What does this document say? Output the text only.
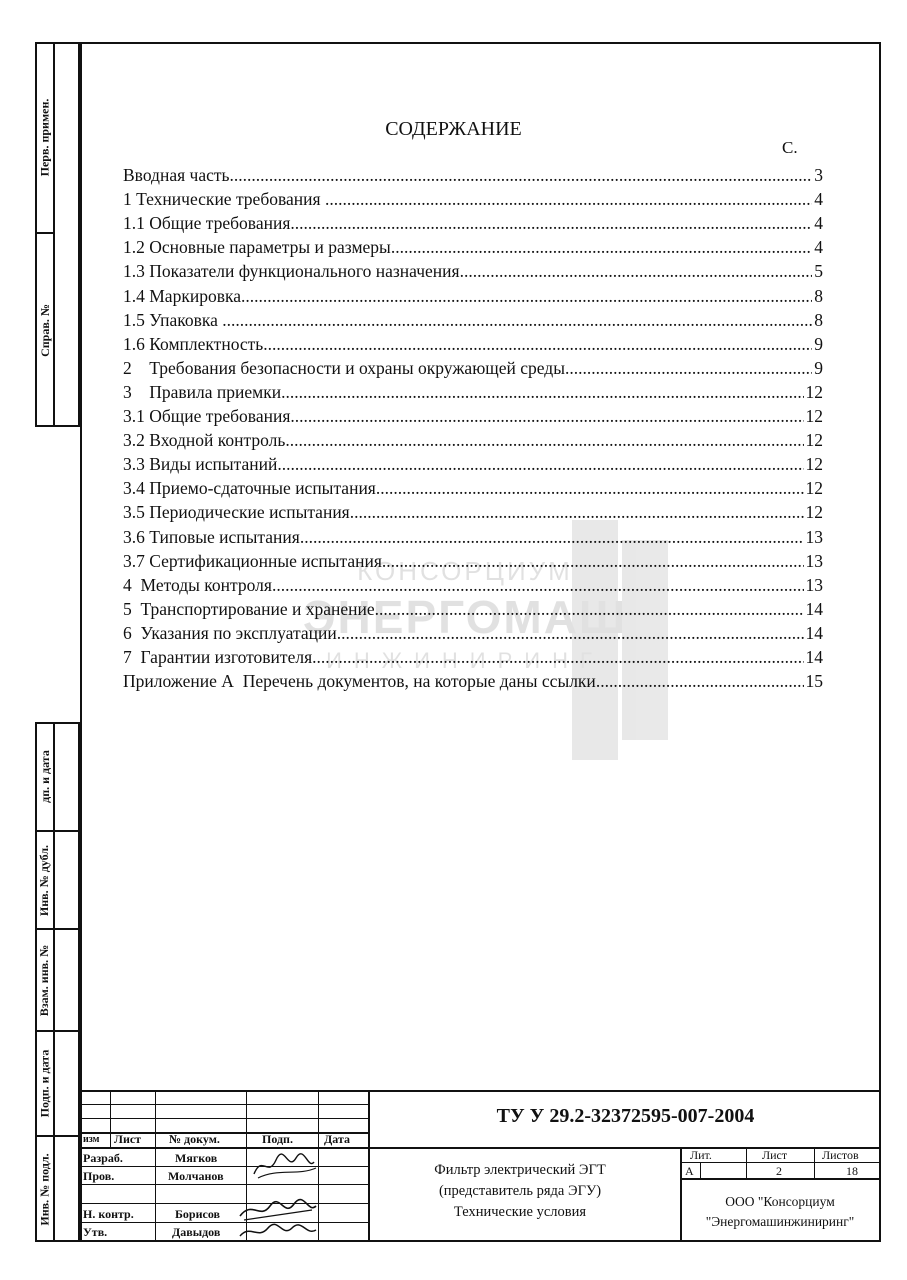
Перв. примен.
Справ. №
дп. и дата
Инв. № дубл.
Взам. инв. №
Подп. и дата
Инв. № подл.
КОНСОРЦИУМ
ЭНЕРГОМАШ
ИНЖИНИРИНГ
СОДЕРЖАНИЕ
С.
Вводная часть .....	3
1 Технические требования .....	4
1.1 Общие требования .....	4
1.2 Основные параметры и размеры .....	4
1.3 Показатели функционального назначения .....	5
1.4 Маркировка .....	8
1.5 Упаковка .....	8
1.6 Комплектность .....	9
2    Требования безопасности и охраны окружающей среды .....	9
3    Правила приемки .....	12
3.1 Общие требования .....	12
3.2 Входной контроль .....	12
3.3 Виды испытаний .....	12
3.4 Приемо-сдаточные испытания .....	12
3.5 Периодические испытания .....	12
3.6 Типовые испытания .....	13
3.7 Сертификационные испытания .....	13
4  Методы контроля .....	13
5  Транспортирование и хранение .....	14
6  Указания по эксплуатации .....	14
7  Гарантии изготовителя .....	14
Приложение А  Перечень документов, на которые даны ссылки .....	15
изм Лист № докум.	Подп.	Дата
Разраб.	Мягков
Пров.	Молчанов
Н. контр.	Борисов
Утв.	Давыдов
Лит.	Лист	Листов
А	2	18
ТУ У 29.2-32372595-007-2004
Фильтр электрический ЭГТ
(представитель ряда ЭГУ)
Технические условия
ООО "Консорциум
"Энергомашинжиниринг"
